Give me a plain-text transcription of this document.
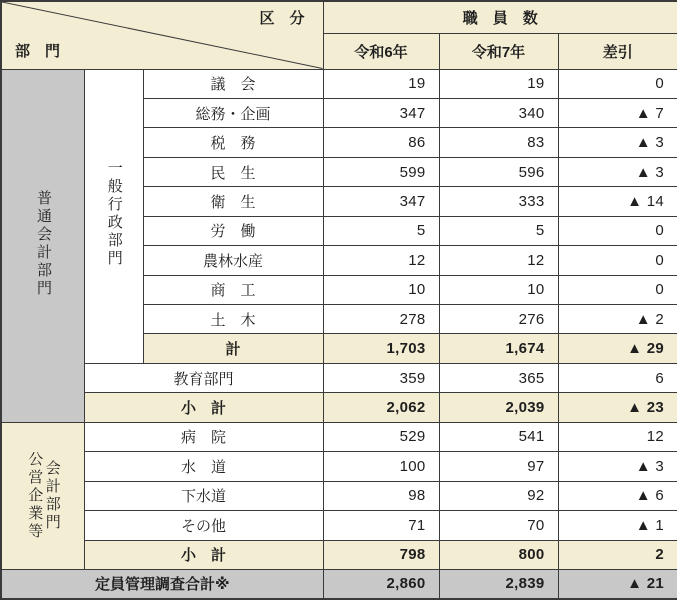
区　分
部　門			職　員　数		
			令和6年	令和7年	差引
普通会計部門	一般行政部門	議　会	19	19	0
		総務・企画	347	340	▲ 7
		税　務	86	83	▲ 3
		民　生	599	596	▲ 3
		衛　生	347	333	▲ 14
		労　働	5	5	0
		農林水産	12	12	0
		商　工	10	10	0
		土　木	278	276	▲ 2
		計	1,703	1,674	▲ 29
	教育部門		359	365	6
	小　計		2,062	2,039	▲ 23

公営企業等 会計部門	病　院		529	541	12
	水　道		100	97	▲ 3
	下水道		98	92	▲ 6
	その他		71	70	▲ 1
	小　計		798	800	2
定員管理調査合計※			2,860	2,839	▲ 21
